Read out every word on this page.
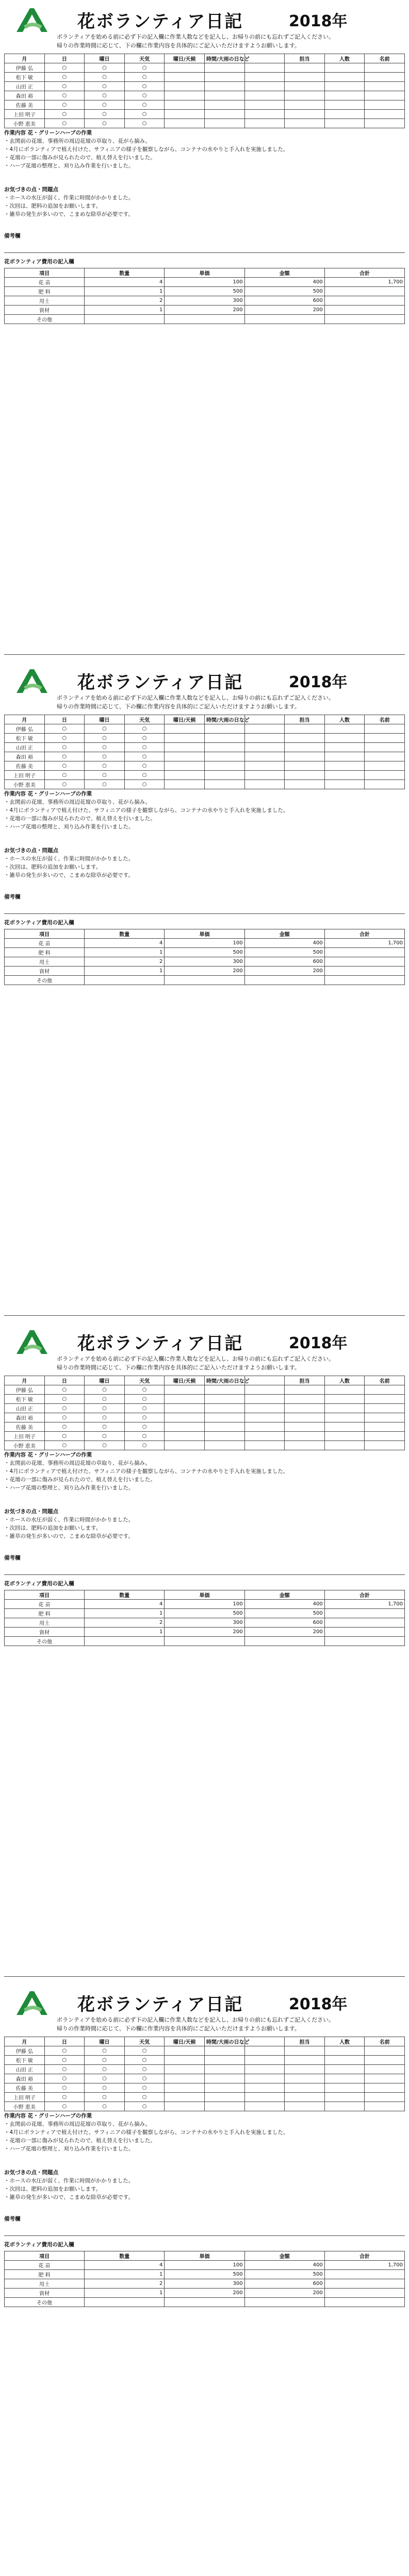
花ボランティア日記	2018年
ボランティアを始める前に必ず下の記入欄に作業人数などを記入し、お帰りの前にも忘れずご記入ください。
帰りの作業時間に応じて、下の欄に作業内容を具体的にご記入いただけますようお願いします。
月	日	曜日	天気	曜日/天候	時間/大雨の日など		担当	人数	名前
伊藤 弘	○	○	○						
松下 敏	○	○	○						
山田 正	○	○	○						
森田 裕	○	○	○						
佐藤 美	○	○	○						
上田 明子	○	○	○						
小野 恵美	○	○	○						

作業内容 花・グリーンハーブの作業

・玄関前の花壇、事務所の周辺花壇の草取り、花がら摘み。

・4月にボランティアで植え付けた、サフィニアの様子を観察しながら、コンテナの水やりと手入れを実施しました。

・花壇の一部に傷みが見られたので、植え替えを行いました。

・ハーブ花壇の整理と、刈り込み作業を行いました。

お気づきの点・問題点

・ホースの水圧が弱く、作業に時間がかかりました。

・次回は、肥料の追加をお願いします。

・雑草の発生が多いので、こまめな除草が必要です。

備考欄

花ボランティア費用の記入欄

項目	数量	単価	金額	合計
花 苗	4	100	400	1,700
肥 料	1	500	500	
用土	2	300	600	
資材	1	200	200	
その他				
花ボランティア日記	2018年
ボランティアを始める前に必ず下の記入欄に作業人数などを記入し、お帰りの前にも忘れずご記入ください。
帰りの作業時間に応じて、下の欄に作業内容を具体的にご記入いただけますようお願いします。
月	日	曜日	天気	曜日/天候	時間/大雨の日など		担当	人数	名前
伊藤 弘	○	○	○						
松下 敏	○	○	○						
山田 正	○	○	○						
森田 裕	○	○	○						
佐藤 美	○	○	○						
上田 明子	○	○	○						
小野 恵美	○	○	○						

作業内容 花・グリーンハーブの作業

・玄関前の花壇、事務所の周辺花壇の草取り、花がら摘み。

・4月にボランティアで植え付けた、サフィニアの様子を観察しながら、コンテナの水やりと手入れを実施しました。

・花壇の一部に傷みが見られたので、植え替えを行いました。

・ハーブ花壇の整理と、刈り込み作業を行いました。

お気づきの点・問題点

・ホースの水圧が弱く、作業に時間がかかりました。

・次回は、肥料の追加をお願いします。

・雑草の発生が多いので、こまめな除草が必要です。

備考欄

花ボランティア費用の記入欄

項目	数量	単価	金額	合計
花 苗	4	100	400	1,700
肥 料	1	500	500	
用土	2	300	600	
資材	1	200	200	
その他				
花ボランティア日記	2018年
ボランティアを始める前に必ず下の記入欄に作業人数などを記入し、お帰りの前にも忘れずご記入ください。
帰りの作業時間に応じて、下の欄に作業内容を具体的にご記入いただけますようお願いします。
月	日	曜日	天気	曜日/天候	時間/大雨の日など		担当	人数	名前
伊藤 弘	○	○	○						
松下 敏	○	○	○						
山田 正	○	○	○						
森田 裕	○	○	○						
佐藤 美	○	○	○						
上田 明子	○	○	○						
小野 恵美	○	○	○						

作業内容 花・グリーンハーブの作業

・玄関前の花壇、事務所の周辺花壇の草取り、花がら摘み。

・4月にボランティアで植え付けた、サフィニアの様子を観察しながら、コンテナの水やりと手入れを実施しました。

・花壇の一部に傷みが見られたので、植え替えを行いました。

・ハーブ花壇の整理と、刈り込み作業を行いました。

お気づきの点・問題点

・ホースの水圧が弱く、作業に時間がかかりました。

・次回は、肥料の追加をお願いします。

・雑草の発生が多いので、こまめな除草が必要です。

備考欄

花ボランティア費用の記入欄

項目	数量	単価	金額	合計
花 苗	4	100	400	1,700
肥 料	1	500	500	
用土	2	300	600	
資材	1	200	200	
その他				
花ボランティア日記	2018年
ボランティアを始める前に必ず下の記入欄に作業人数などを記入し、お帰りの前にも忘れずご記入ください。
帰りの作業時間に応じて、下の欄に作業内容を具体的にご記入いただけますようお願いします。
月	日	曜日	天気	曜日/天候	時間/大雨の日など		担当	人数	名前
伊藤 弘	○	○	○						
松下 敏	○	○	○						
山田 正	○	○	○						
森田 裕	○	○	○						
佐藤 美	○	○	○						
上田 明子	○	○	○						
小野 恵美	○	○	○						

作業内容 花・グリーンハーブの作業

・玄関前の花壇、事務所の周辺花壇の草取り、花がら摘み。

・4月にボランティアで植え付けた、サフィニアの様子を観察しながら、コンテナの水やりと手入れを実施しました。

・花壇の一部に傷みが見られたので、植え替えを行いました。

・ハーブ花壇の整理と、刈り込み作業を行いました。

お気づきの点・問題点

・ホースの水圧が弱く、作業に時間がかかりました。

・次回は、肥料の追加をお願いします。

・雑草の発生が多いので、こまめな除草が必要です。

備考欄

花ボランティア費用の記入欄

項目	数量	単価	金額	合計
花 苗	4	100	400	1,700
肥 料	1	500	500	
用土	2	300	600	
資材	1	200	200	
その他				
